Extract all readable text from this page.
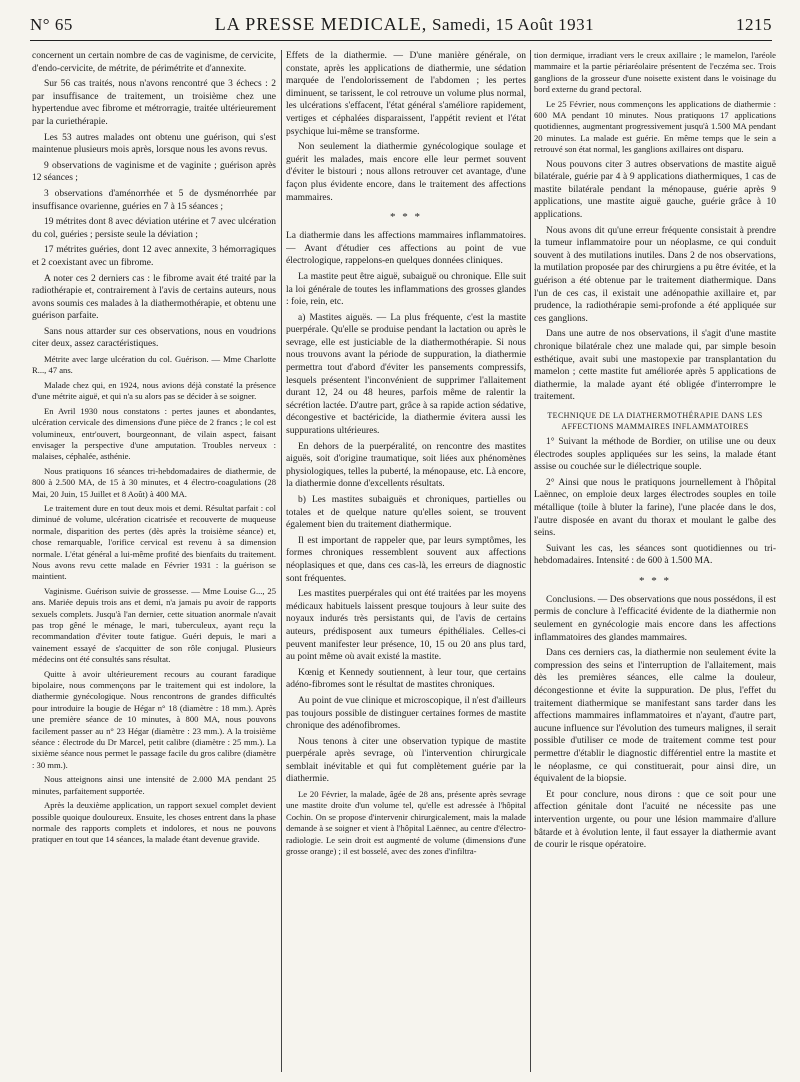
N° 65	LA PRESSE MEDICALE, Samedi, 15 Août 1931	1215

concernent un certain nombre de cas de vaginisme, de cervicite, d'endo-cervicite, de métrite, de périmétrite et d'annexite.

Sur 56 cas traités, nous n'avons rencontré que 3 échecs : 2 par insuffisance de traitement, un troisième chez une hypertendue avec fibrome et métrorragie, traitée ultérieurement par la curiethérapie.

Les 53 autres malades ont obtenu une guérison, qui s'est maintenue plusieurs mois après, lorsque nous les avons revus.

9 observations de vaginisme et de vaginite ; guérison après 12 séances ;

3 observations d'aménorrhée et 5 de dysménorrhée par insuffisance ovarienne, guéries en 7 à 15 séances ;

19 métrites dont 8 avec déviation utérine et 7 avec ulcération du col, guéries ; persiste seule la déviation ;

17 métrites guéries, dont 12 avec annexite, 3 hémorragiques et 2 coexistant avec un fibrome.

A noter ces 2 derniers cas : le fibrome avait été traité par la radiothérapie et, contrairement à l'avis de certains auteurs, nous avons soumis ces malades à la diathermothérapie, et obtenu une guérison parfaite.

Sans nous attarder sur ces observations, nous en voudrions citer deux, assez caractéristiques.

Métrite avec large ulcération du col. Guérison. — Mme Charlotte R..., 47 ans.

Malade chez qui, en 1924, nous avions déjà constaté la présence d'une métrite aiguë, et qui n'a su alors pas se décider à se soigner.

En Avril 1930 nous constatons : pertes jaunes et abondantes, ulcération cervicale des dimensions d'une pièce de 2 francs ; le col est volumineux, entr'ouvert, bourgeonnant, de vilain aspect, faisant envisager la perspective d'une amputation. Troubles nerveux : malaises, céphalée, asthénie.

Nous pratiquons 16 séances tri-hebdomadaires de diathermie, de 800 à 2.500 MA, de 15 à 30 minutes, et 4 électro-coagulations (28 Mai, 20 Juin, 15 Juillet et 8 Août) à 400 MA.

Le traitement dure en tout deux mois et demi. Résultat parfait : col diminué de volume, ulcération cicatrisée et recouverte de muqueuse normale, disparition des pertes (dès après la troisième séance) et, chose remarquable, l'orifice cervical est revenu à sa dimension normale. L'état général a lui-même profité des bienfaits du traitement. Nous avons revu cette malade en Février 1931 : la guérison se maintient.

Vaginisme. Guérison suivie de grossesse. — Mme Louise G..., 25 ans. Mariée depuis trois ans et demi, n'a jamais pu avoir de rapports sexuels complets. Jusqu'à l'an dernier, cette situation anormale n'avait pas trop gêné le ménage, le mari, tuberculeux, ayant reçu la recommandation d'éviter toute fatigue. Guéri depuis, le mari a vainement essayé de s'acquitter de son rôle conjugal. Plusieurs médecins ont été consultés sans résultat.

Quitte à avoir ultérieurement recours au courant faradique bipolaire, nous commençons par le traitement qui est indolore, la diathermie gynécologique. Nous rencontrons de grandes difficultés pour introduire la bougie de Hégar n° 18 (diamètre : 18 mm.). Après une première séance de 10 minutes, à 800 MA, nous pouvons facilement passer au n° 23 Hégar (diamètre : 23 mm.). A la troisième séance : électrode du Dr Marcel, petit calibre (diamètre : 25 mm.). La sixième séance nous permet le passage facile du gros calibre (diamètre : 30 mm.).

Nous atteignons ainsi une intensité de 2.000 MA pendant 25 minutes, parfaitement supportée.

Après la deuxième application, un rapport sexuel complet devient possible quoique douloureux. Ensuite, les choses entrent dans la phase normale des rapports complets et indolores, et nous ne pouvons pratiquer en tout que 14 séances, la malade étant devenue gravide.

Effets de la diathermie. — D'une manière générale, on constate, après les applications de diathermie, une sédation marquée de l'endolorissement de l'abdomen ; les pertes diminuent, se tarissent, le col retrouve un volume plus normal, les ulcérations s'effacent, l'état général s'améliore rapidement, vertiges et céphalées disparaissent, l'appétit revient et l'état psychique lui-même se transforme.

Non seulement la diathermie gynécologique soulage et guérit les malades, mais encore elle leur permet souvent d'éviter le bistouri ; nous allons retrouver cet avantage, d'une façon plus évidente encore, dans le traitement des affections mammaires.

* * *

La diathermie dans les affections mammaires inflammatoires. — Avant d'étudier ces affections au point de vue électrologique, rappelons-en quelques données cliniques.

La mastite peut être aiguë, subaiguë ou chronique. Elle suit la loi générale de toutes les inflammations des grosses glandes : foie, rein, etc.

a) Mastites aiguës. — La plus fréquente, c'est la mastite puerpérale. Qu'elle se produise pendant la lactation ou après le sevrage, elle est justiciable de la diathermothérapie. Si nous nous trouvons avant la période de suppuration, la diathermie permettra tout d'abord d'éviter les pansements compressifs, lesquels présentent l'inconvénient de supprimer l'allaitement durant 12, 24 ou 48 heures, parfois même de ralentir la sécrétion lactée. D'autre part, grâce à sa rapide action sédative, décongestive et bactéricide, la diathermie évitera aussi les suppurations ultérieures.

En dehors de la puerpéralité, on rencontre des mastites aiguës, soit d'origine traumatique, soit liées aux phénomènes physiologiques, telles la puberté, la ménopause, etc. Là encore, la diathermie donne d'excellents résultats.

b) Les mastites subaiguës et chroniques, partielles ou totales et de quelque nature qu'elles soient, se trouvent également bien du traitement diathermique.

Il est important de rappeler que, par leurs symptômes, les formes chroniques ressemblent souvent aux affections néoplasiques et que, dans ces cas-là, les erreurs de diagnostic sont fréquentes.

Les mastites puerpérales qui ont été traitées par les moyens médicaux habituels laissent presque toujours à leur suite des noyaux indurés très persistants qui, de l'avis de certains auteurs, prédisposent aux tumeurs épithéliales. Celles-ci peuvent manifester leur présence, 10, 15 ou 20 ans plus tard, au point même où avait existé la mastite.

Kœnig et Kennedy soutiennent, à leur tour, que certains adéno-fibromes sont le résultat de mastites chroniques.

Au point de vue clinique et microscopique, il n'est d'ailleurs pas toujours possible de distinguer certaines formes de mastite chronique des adénofibromes.

Nous tenons à citer une observation typique de mastite puerpérale après sevrage, où l'intervention chirurgicale semblait inévitable et qui fut complètement guérie par la diathermie.

Le 20 Février, la malade, âgée de 28 ans, présente après sevrage une mastite droite d'un volume tel, qu'elle est adressée à l'hôpital Cochin. On se propose d'intervenir chirurgicalement, mais la malade demande à se soigner et vient à l'hôpital Laënnec, au centre d'électro-radiologie. Le sein droit est augmenté de volume (dimensions d'une grosse orange) ; il est bosselé, avec des zones d'infiltra-

tion dermique, irradiant vers le creux axillaire ; le mamelon, l'aréole mammaire et la partie périaréolaire présentent de l'eczéma sec. Trois ganglions de la grosseur d'une noisette existent dans le voisinage du bord externe du grand pectoral.

Le 25 Février, nous commençons les applications de diathermie : 600 MA pendant 10 minutes. Nous pratiquons 17 applications quotidiennes, augmentant progressivement jusqu'à 1.500 MA pendant 20 minutes. La malade est guérie. En même temps que le sein a retrouvé son état normal, les ganglions axillaires ont disparu.

Nous pouvons citer 3 autres observations de mastite aiguë bilatérale, guérie par 4 à 9 applications diathermiques, 1 cas de mastite bilatérale pendant la ménopause, guérie après 9 applications, une mastite aiguë gauche, guérie grâce à 10 applications.

Nous avons dit qu'une erreur fréquente consistait à prendre la tumeur inflammatoire pour un néoplasme, ce qui conduit souvent à des mutilations inutiles. Dans 2 de nos observations, la mutilation proposée par des chirurgiens a pu être évitée, et la guérison a été obtenue par le traitement diathermique. Dans l'un de ces cas, il existait une adénopathie axillaire et, par prudence, la radiothérapie semi-profonde a été appliquée sur ces ganglions.

Dans une autre de nos observations, il s'agit d'une mastite chronique bilatérale chez une malade qui, par simple besoin esthétique, avait subi une mastopexie par transplantation du mamelon ; cette mastite fut améliorée après 5 applications de diathermie, la malade ayant été obligée d'interrompre le traitement.

TECHNIQUE DE LA DIATHERMOTHÉRAPIE DANS LES AFFECTIONS MAMMAIRES INFLAMMATOIRES

1° Suivant la méthode de Bordier, on utilise une ou deux électrodes souples appliquées sur les seins, la malade étant assise ou couchée sur le diélectrique souple.

2° Ainsi que nous le pratiquons journellement à l'hôpital Laënnec, on emploie deux larges électrodes souples en toile métallique (toile à bluter la farine), l'une placée dans le dos, l'autre disposée en avant du thorax et moulant le galbe des seins.

Suivant les cas, les séances sont quotidiennes ou tri-hebdomadaires. Intensité : de 600 à 1.500 MA.

* * *

Conclusions. — Des observations que nous possédons, il est permis de conclure à l'efficacité évidente de la diathermie non seulement en gynécologie mais encore dans les affections inflammatoires des glandes mammaires.

Dans ces derniers cas, la diathermie non seulement évite la compression des seins et l'interruption de l'allaitement, mais dès les premières séances, elle calme la douleur, décongestionne et évite la suppuration. De plus, l'effet du traitement diathermique se manifestant sans tarder dans les affections mammaires inflammatoires et n'ayant, d'autre part, aucune influence sur l'évolution des tumeurs malignes, il serait possible d'utiliser ce mode de traitement comme test pour permettre d'établir le diagnostic différentiel entre la mastite et le néoplasme, ce qui constituerait, pour ainsi dire, un équivalent de la biopsie.

Et pour conclure, nous dirons : que ce soit pour une affection génitale dont l'acuité ne nécessite pas une intervention urgente, ou pour une lésion mammaire d'allure bâtarde et à évolution lente, il faut essayer la diathermie avant de courir le risque opératoire.
